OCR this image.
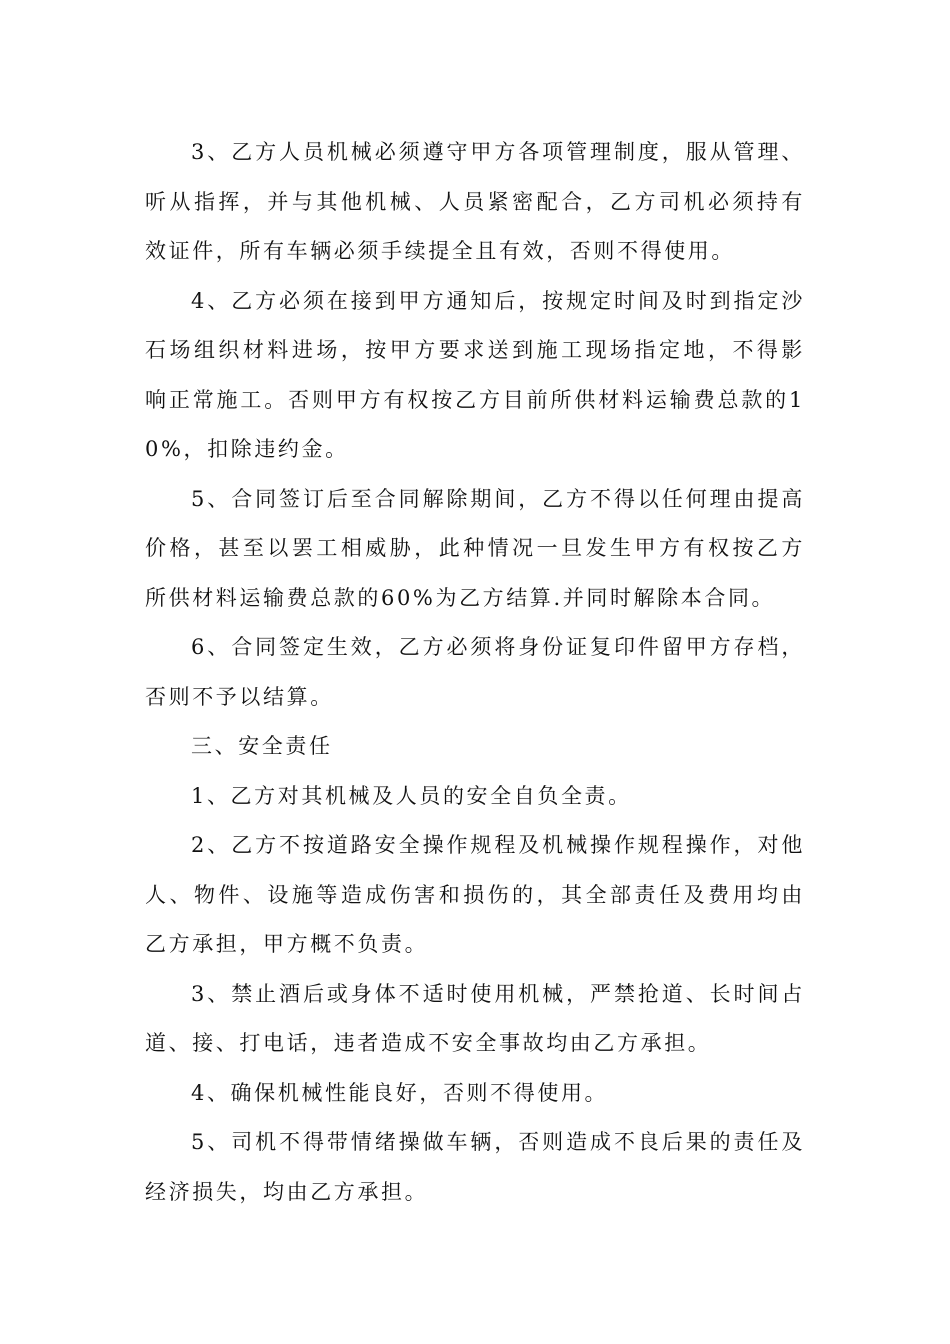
3、乙方人员机械必须遵守甲方各项管理制度，服从管理、听从指挥，并与其他机械、人员紧密配合，乙方司机必须持有效证件，所有车辆必须手续提全且有效，否则不得使用。

4、乙方必须在接到甲方通知后，按规定时间及时到指定沙石场组织材料进场，按甲方要求送到施工现场指定地，不得影响正常施工。否则甲方有权按乙方目前所供材料运输费总款的10%，扣除违约金。

5、合同签订后至合同解除期间，乙方不得以任何理由提高价格，甚至以罢工相威胁，此种情况一旦发生甲方有权按乙方所供材料运输费总款的60%为乙方结算.并同时解除本合同。

6、合同签定生效，乙方必须将身份证复印件留甲方存档，否则不予以结算。

三、安全责任

1、乙方对其机械及人员的安全自负全责。

2、乙方不按道路安全操作规程及机械操作规程操作，对他人、物件、设施等造成伤害和损伤的，其全部责任及费用均由乙方承担，甲方概不负责。

3、禁止酒后或身体不适时使用机械，严禁抢道、长时间占道、接、打电话，违者造成不安全事故均由乙方承担。

4、确保机械性能良好，否则不得使用。

5、司机不得带情绪操做车辆，否则造成不良后果的责任及经济损失，均由乙方承担。
